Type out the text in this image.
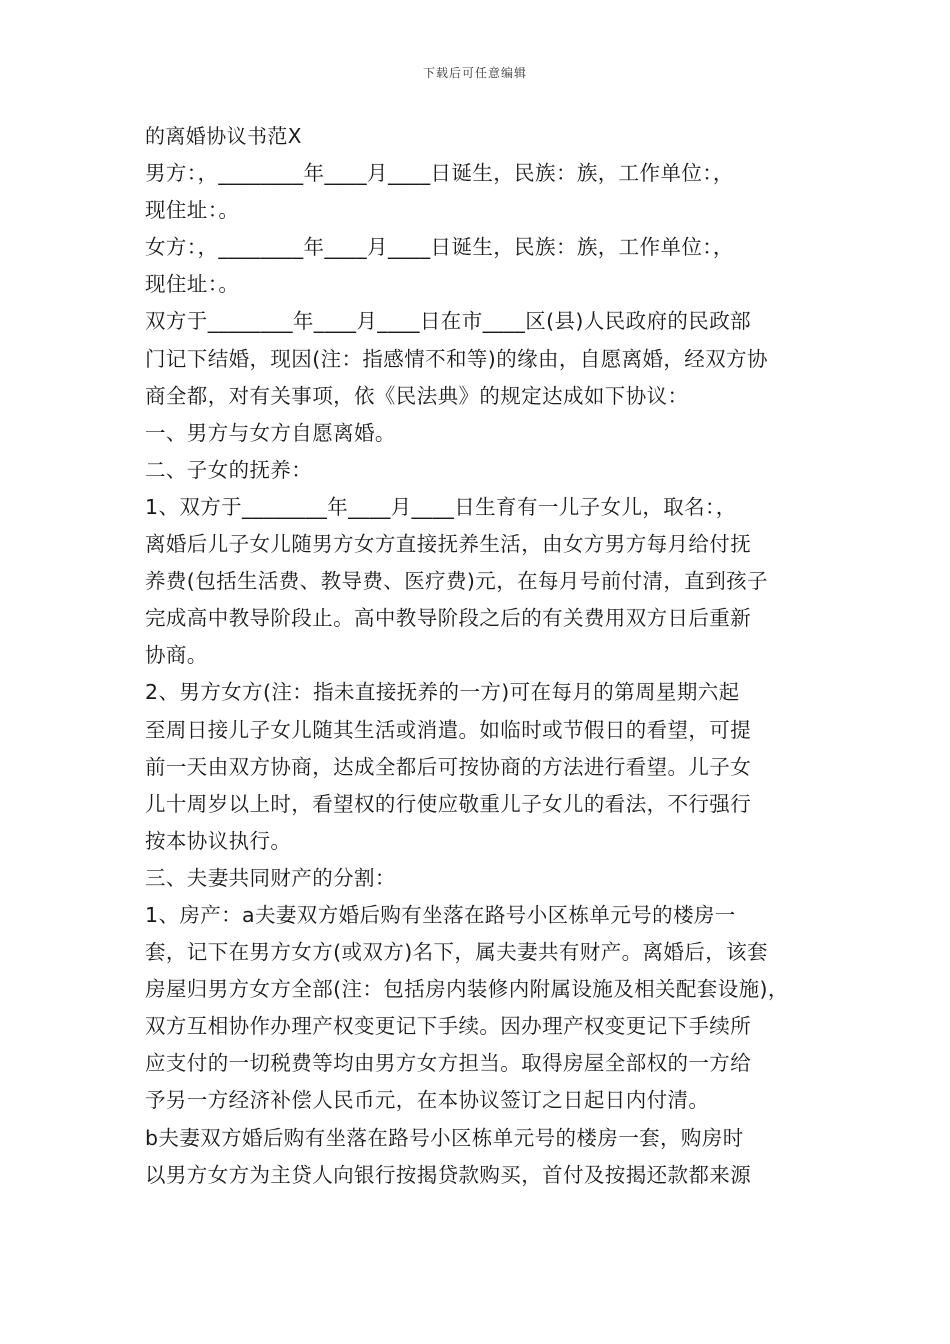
下载后可任意编辑
的离婚协议书范X
男方：，________年____月____日诞生，民族：族，工作单位：，
现住址：。
女方：，________年____月____日诞生，民族：族，工作单位：，
现住址：。
双方于________年____月____日在市____区(县)人民政府的民政部
门记下结婚，现因(注：指感情不和等)的缘由，自愿离婚，经双方协
商全都，对有关事项，依《民法典》的规定达成如下协议：
一、男方与女方自愿离婚。
二、子女的抚养：
1、双方于________年____月____日生育有一儿子女儿，取名：，
离婚后儿子女儿随男方女方直接抚养生活，由女方男方每月给付抚
养费(包括生活费、教导费、医疗费)元，在每月号前付清，直到孩子
完成高中教导阶段止。高中教导阶段之后的有关费用双方日后重新
协商。
2、男方女方(注：指未直接抚养的一方)可在每月的第周星期六起
至周日接儿子女儿随其生活或消遣。如临时或节假日的看望，可提
前一天由双方协商，达成全都后可按协商的方法进行看望。儿子女
儿十周岁以上时，看望权的行使应敬重儿子女儿的看法，不行强行
按本协议执行。
三、夫妻共同财产的分割：
1、房产：a夫妻双方婚后购有坐落在路号小区栋单元号的楼房一
套，记下在男方女方(或双方)名下，属夫妻共有财产。离婚后，该套
房屋归男方女方全部(注：包括房内装修内附属设施及相关配套设施)，
双方互相协作办理产权变更记下手续。因办理产权变更记下手续所
应支付的一切税费等均由男方女方担当。取得房屋全部权的一方给
予另一方经济补偿人民币元，在本协议签订之日起日内付清。
b夫妻双方婚后购有坐落在路号小区栋单元号的楼房一套，购房时
以男方女方为主贷人向银行按揭贷款购买，首付及按揭还款都来源
